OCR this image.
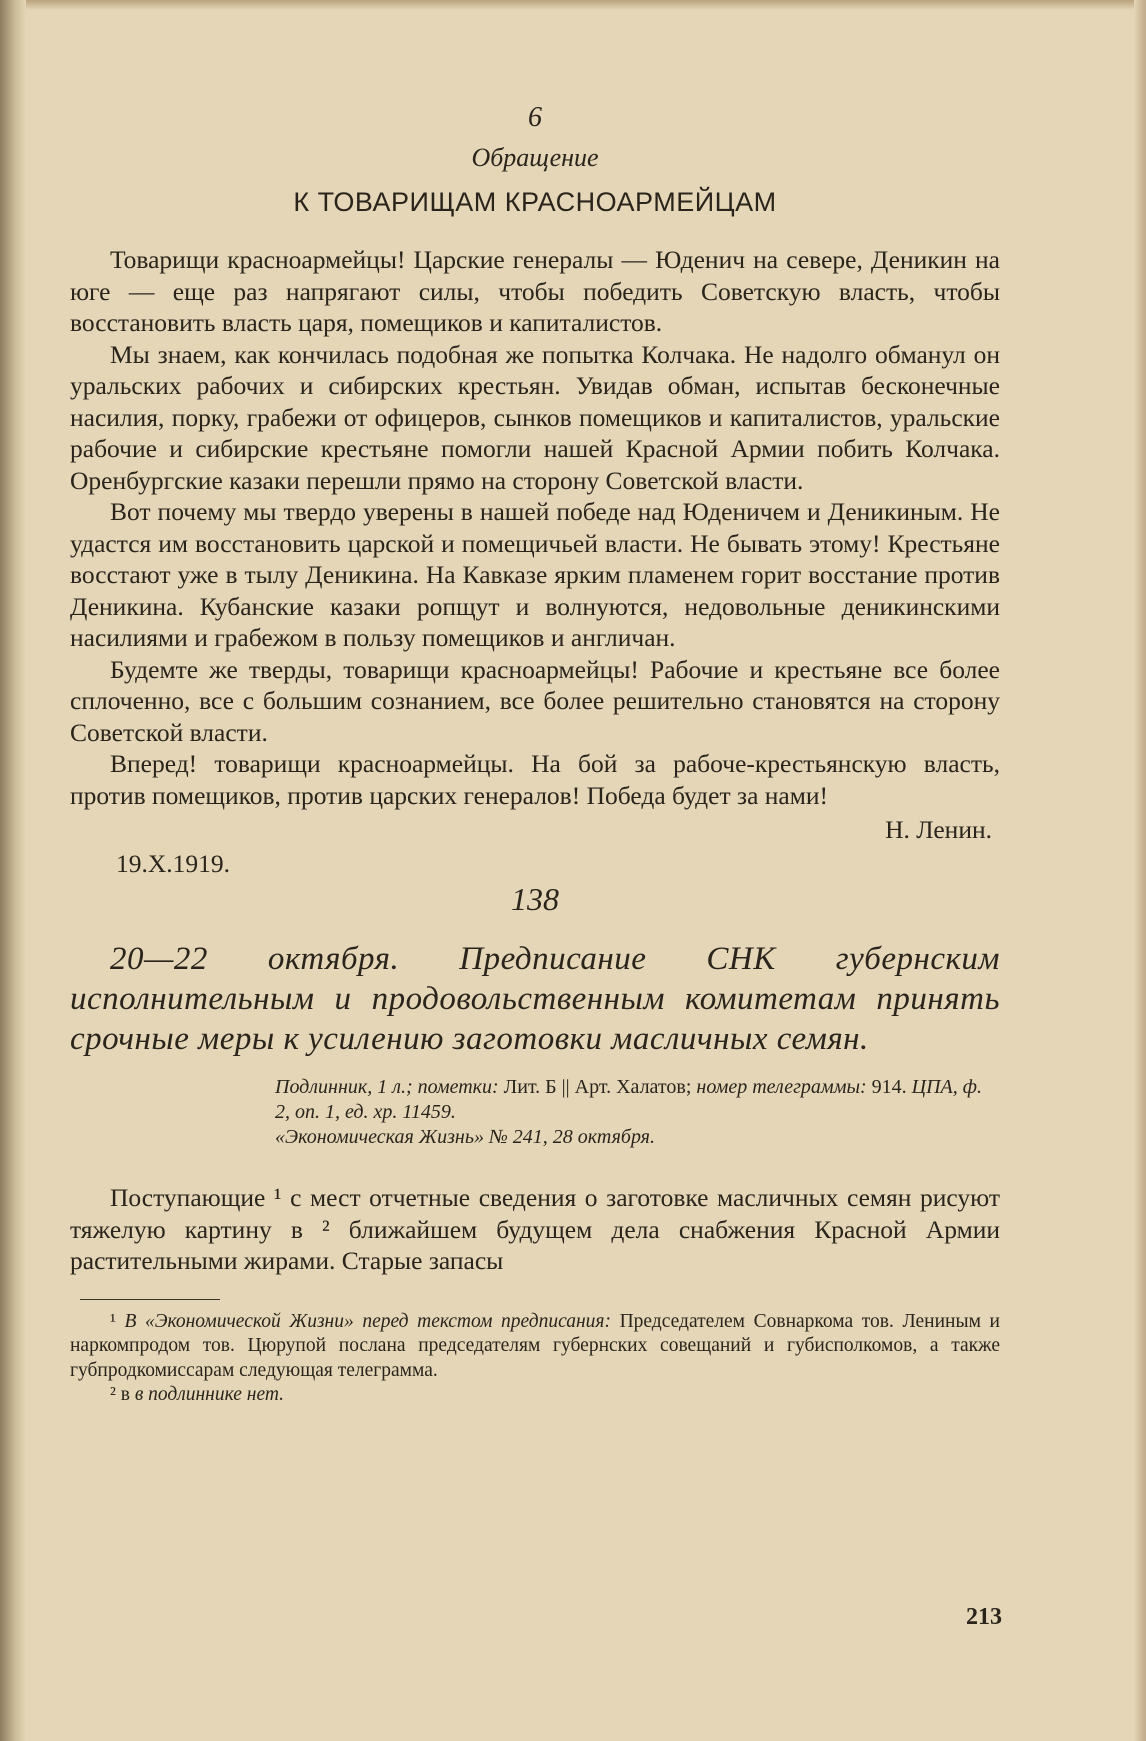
6

Обращение

К ТОВАРИЩАМ КРАСНОАРМЕЙЦАМ

Товарищи красноармейцы! Царские генералы — Юденич на севере, Деникин на юге — еще раз напрягают силы, чтобы победить Советскую власть, чтобы восстановить власть царя, помещиков и капиталистов.

Мы знаем, как кончилась подобная же попытка Колчака. Не надолго обманул он уральских рабочих и сибирских крестьян. Увидав обман, испытав бесконечные насилия, порку, грабежи от офицеров, сынков помещиков и капиталистов, уральские рабочие и сибирские крестьяне помогли нашей Красной Армии побить Колчака. Оренбургские казаки перешли прямо на сторону Советской власти.

Вот почему мы твердо уверены в нашей победе над Юденичем и Деникиным. Не удастся им восстановить царской и помещичьей власти. Не бывать этому! Крестьяне восстают уже в тылу Деникина. На Кавказе ярким пламенем горит восстание против Деникина. Кубанские казаки ропщут и волнуются, недовольные деникинскими насилиями и грабежом в пользу помещиков и англичан.

Будемте же тверды, товарищи красноармейцы! Рабочие и крестьяне все более сплоченно, все с большим сознанием, все более решительно становятся на сторону Советской власти.

Вперед! товарищи красноармейцы. На бой за рабоче-крестьянскую власть, против помещиков, против царских генералов! Победа будет за нами!

Н. Ленин.

19.X.1919.

138

20—22 октября. Предписание СНК губернским исполнительным и продовольственным комитетам принять срочные меры к усилению заготовки масличных семян.

Подлинник, 1 л.; пометки: Лит. Б || Арт. Халатов; номер телеграммы: 914. ЦПА, ф. 2, оп. 1, ед. хр. 11459.
«Экономическая Жизнь» № 241, 28 октября.

Поступающие ¹ с мест отчетные сведения о заготовке масличных семян рисуют тяжелую картину в ² ближайшем будущем дела снабжения Красной Армии растительными жирами. Старые запасы

¹ В «Экономической Жизни» перед текстом предписания: Председателем Совнаркома тов. Лениным и наркомпродом тов. Цюрупой послана председателям губернских совещаний и губисполкомов, а также губпродкомиссарам следующая телеграмма.

² в в подлиннике нет.

213
